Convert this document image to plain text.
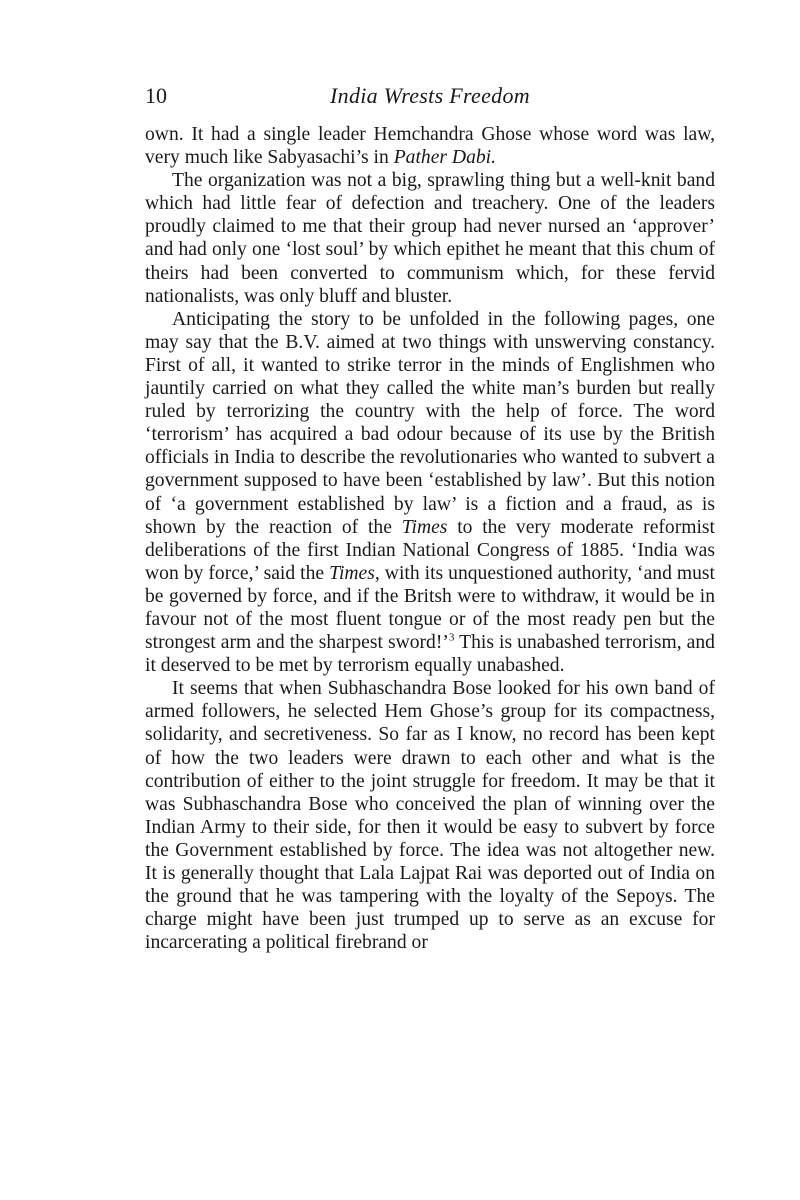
10	India Wrests Freedom

own. It had a single leader Hemchandra Ghose whose word was law, very much like Sabyasachi’s in Pather Dabi.

The organization was not a big, sprawling thing but a well-knit band which had little fear of defection and treachery. One of the leaders proudly claimed to me that their group had never nursed an ‘approver’ and had only one ‘lost soul’ by which epithet he meant that this chum of theirs had been converted to communism which, for these fervid nationalists, was only bluff and bluster.

Anticipating the story to be unfolded in the following pages, one may say that the B.V. aimed at two things with unswerving constancy. First of all, it wanted to strike terror in the minds of Englishmen who jauntily carried on what they called the white man’s burden but really ruled by terrorizing the country with the help of force. The word ‘terrorism’ has acquired a bad odour because of its use by the British officials in India to describe the revolutionaries who wanted to subvert a government supposed to have been ‘established by law’. But this notion of ‘a government established by law’ is a fiction and a fraud, as is shown by the reaction of the Times to the very moderate reformist deliberations of the first Indian National Congress of 1885. ‘India was won by force,’ said the Times, with its unquestioned authority, ‘and must be governed by force, and if the Britsh were to withdraw, it would be in favour not of the most fluent tongue or of the most ready pen but the strongest arm and the sharpest sword!’$^3$ This is unabashed terrorism, and it deserved to be met by terrorism equally unabashed.

It seems that when Subhaschandra Bose looked for his own band of armed followers, he selected Hem Ghose’s group for its compactness, solidarity, and secretiveness. So far as I know, no record has been kept of how the two leaders were drawn to each other and what is the contribution of either to the joint struggle for freedom. It may be that it was Subhaschandra Bose who conceived the plan of winning over the Indian Army to their side, for then it would be easy to subvert by force the Government established by force. The idea was not altogether new. It is generally thought that Lala Lajpat Rai was deported out of India on the ground that he was tampering with the loyalty of the Sepoys. The charge might have been just trumped up to serve as an excuse for incarcerating a political firebrand or
